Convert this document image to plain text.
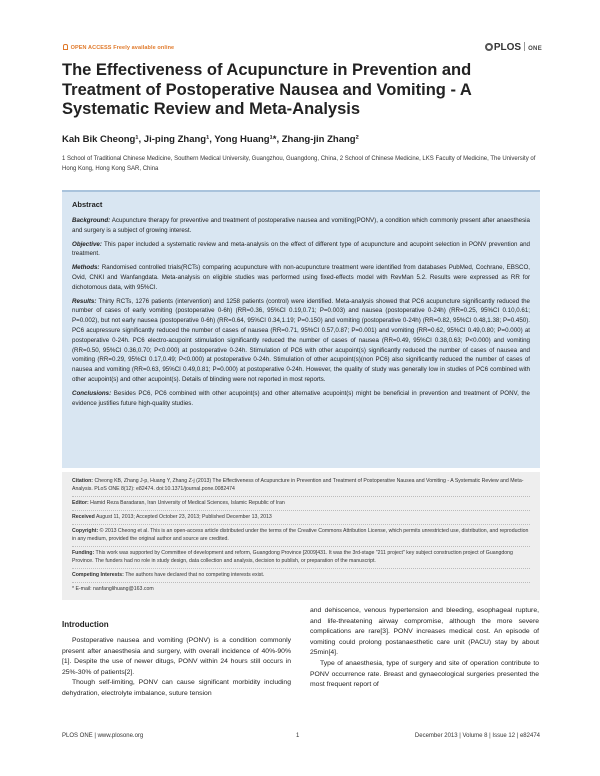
OPEN ACCESS Freely available online	PLOS ONE
The Effectiveness of Acupuncture in Prevention and Treatment of Postoperative Nausea and Vomiting - A Systematic Review and Meta-Analysis
Kah Bik Cheong¹, Ji-ping Zhang¹, Yong Huang¹*, Zhang-jin Zhang²
1 School of Traditional Chinese Medicine, Southern Medical University, Guangzhou, Guangdong, China, 2 School of Chinese Medicine, LKS Faculty of Medicine, The University of Hong Kong, Hong Kong SAR, China
Abstract

Background: Acupuncture therapy for preventive and treatment of postoperative nausea and vomiting(PONV), a condition which commonly present after anaesthesia and surgery is a subject of growing interest.

Objective: This paper included a systematic review and meta-analysis on the effect of different type of acupuncture and acupoint selection in PONV prevention and treatment.

Methods: Randomised controlled trials(RCTs) comparing acupuncture with non-acupuncture treatment were identified from databases PubMed, Cochrane, EBSCO, Ovid, CNKI and Wanfangdata. Meta-analysis on eligible studies was performed using fixed-effects model with RevMan 5.2. Results were expressed as RR for dichotomous data, with 95%CI.

Results: Thirty RCTs, 1276 patients (intervention) and 1258 patients (control) were identified. Meta-analysis showed that PC6 acupuncture significantly reduced the number of cases of early vomiting (postoperative 0-6h) (RR=0.36, 95%CI 0.19,0.71; P=0.003) and nausea (postoperative 0-24h) (RR=0.25, 95%CI 0.10,0.61; P=0.002), but not early nausea (postoperative 0-6h) (RR=0.64, 95%CI 0.34,1.19; P=0.150) and vomiting (postoperative 0-24h) (RR=0.82, 95%CI 0.48,1.38; P=0.450). PC6 acupressure significantly reduced the number of cases of nausea (RR=0.71, 95%CI 0.57,0.87; P=0.001) and vomiting (RR=0.62, 95%CI 0.49,0.80; P=0.000) at postoperative 0-24h. PC6 electro-acupoint stimulation significantly reduced the number of cases of nausea (RR=0.49, 95%CI 0.38,0.63; P<0.000) and vomiting (RR=0.50, 95%CI 0.36,0.70; P<0.000) at postoperative 0-24h. Stimulation of PC6 with other acupoint(s) significantly reduced the number of cases of nausea and vomiting (RR=0.29, 95%CI 0.17,0.49; P<0.000) at postoperative 0-24h. Stimulation of other acupoint(s)(non PC6) also significantly reduced the number of cases of nausea and vomiting (RR=0.63, 95%CI 0.49,0.81; P=0.000) at postoperative 0-24h. However, the quality of study was generally low in studies of PC6 combined with other acupoint(s) and other acupoint(s). Details of blinding were not reported in most reports.

Conclusions: Besides PC6, PC6 combined with other acupoint(s) and other alternative acupoint(s) might be beneficial in prevention and treatment of PONV, the evidence justifies future high-quality studies.

Citation: Cheong KB, Zhang J-p, Huang Y, Zhang Z-j (2013) The Effectiveness of Acupuncture in Prevention and Treatment of Postoperative Nausea and Vomiting - A Systematic Review and Meta-Analysis. PLoS ONE 8(12): e82474. doi:10.1371/journal.pone.0082474
Editor: Hamid Reza Baradaran, Iran University of Medical Sciences, Islamic Republic of Iran
Received August 11, 2013; Accepted October 23, 2013; Published December 13, 2013
Copyright: © 2013 Cheong et al. This is an open-access article distributed under the terms of the Creative Commons Attribution License, which permits unrestricted use, distribution, and reproduction in any medium, provided the original author and source are credited.
Funding: This work was supported by Committee of development and reform, Guangdong Province [2009]431. It was the 3rd-stage "211 project" key subject construction project of Guangdong Province. The funders had no role in study design, data collection and analysis, decision to publish, or preparation of the manuscript.
Competing Interests: The authors have declared that no competing interests exist.
* E-mail: nanfanglihuang@163.com
Introduction

Postoperative nausea and vomiting (PONV) is a condition commonly present after anaesthesia and surgery, with overall incidence of 40%-90%[1]. Despite the use of newer ditugs, PONV within 24 hours still occurs in 25%-30% of patients[2].

Though self-limiting, PONV can cause significant morbidity including dehydration, electrolyte imbalance, suture tension

and dehiscence, venous hypertension and bleeding, esophageal rupture, and life-threatening airway compromise, although the more severe complications are rare[3]. PONV increases medical cost. An episode of vomiting could prolong postanaesthetic care unit (PACU) stay by about 25min[4].

Type of anaesthesia, type of surgery and site of operation contribute to PONV occurrence rate. Breast and gynaecological surgeries presented the most frequent report of

PLOS ONE | www.plosone.org	1	December 2013 | Volume 8 | Issue 12 | e82474
